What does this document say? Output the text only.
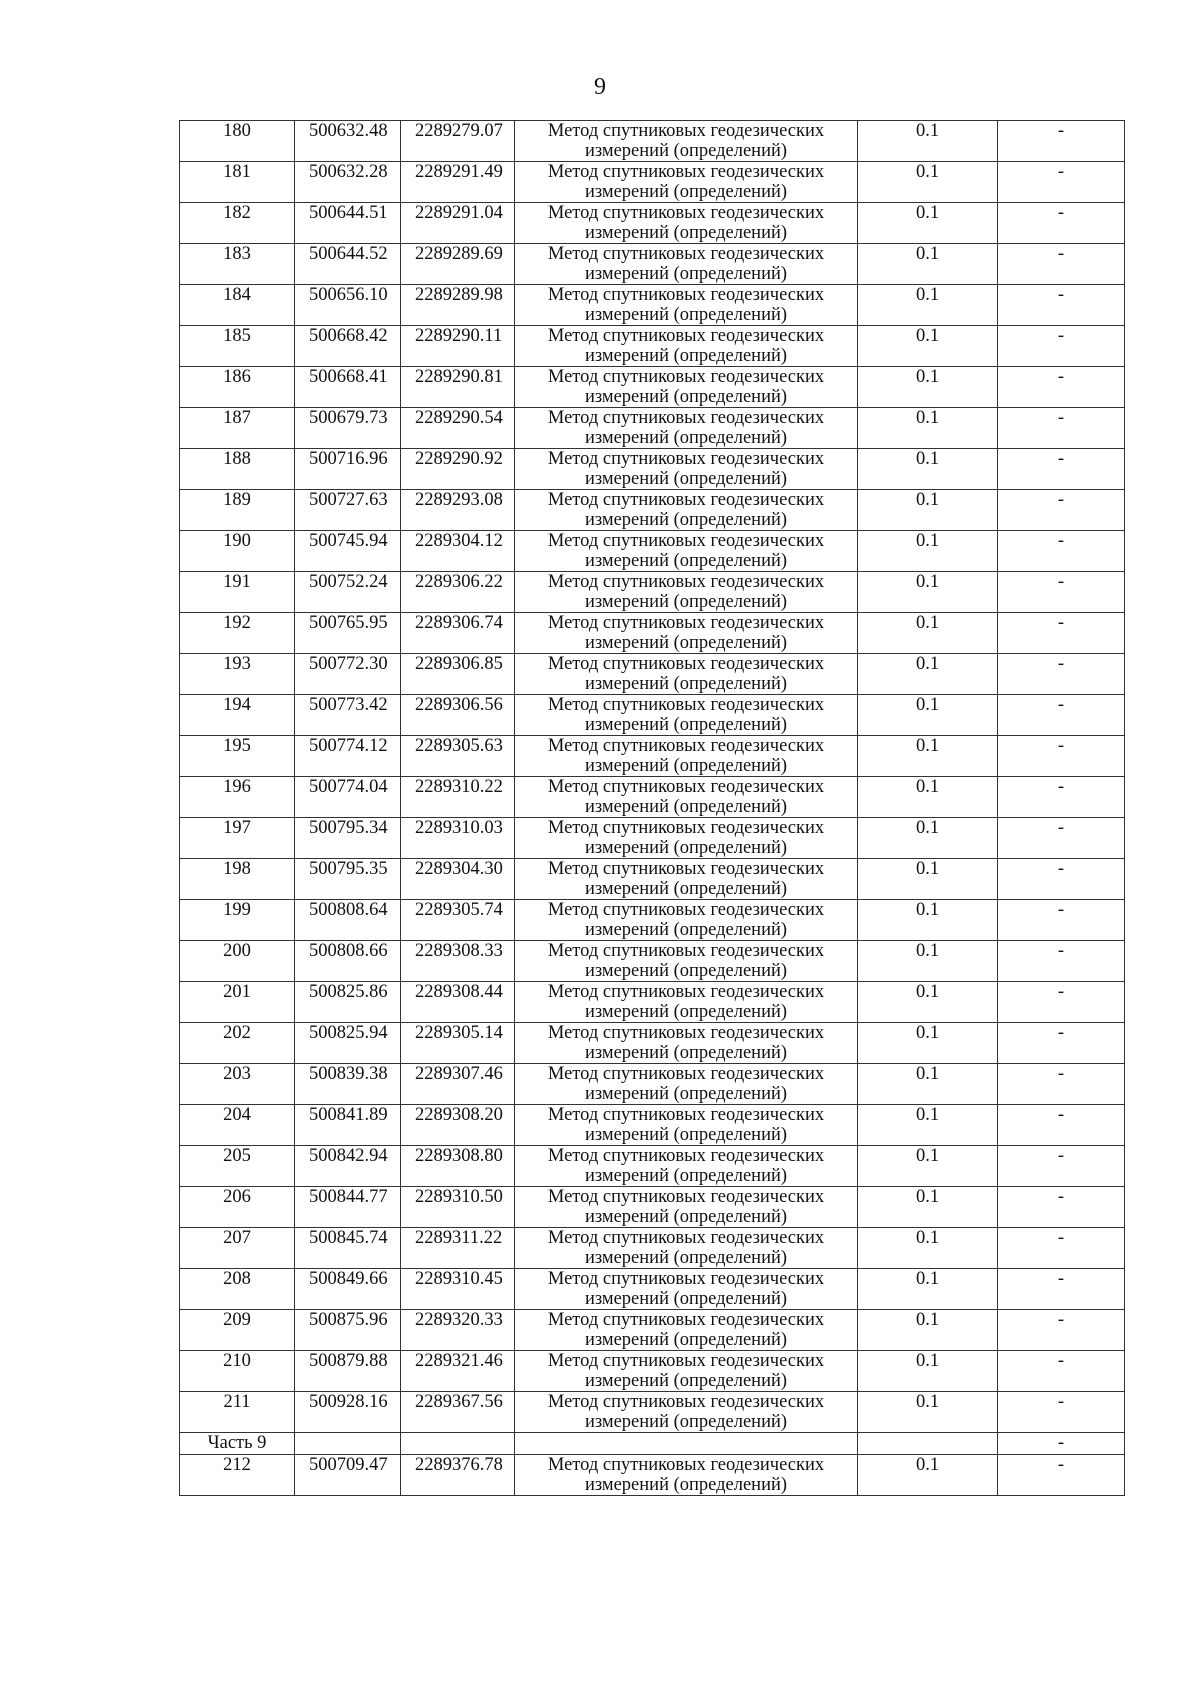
9
180	500632.48	2289279.07	Метод спутниковых геодезических измерений (определений)	0.1	-
181	500632.28	2289291.49	Метод спутниковых геодезических измерений (определений)	0.1	-
182	500644.51	2289291.04	Метод спутниковых геодезических измерений (определений)	0.1	-
183	500644.52	2289289.69	Метод спутниковых геодезических измерений (определений)	0.1	-
184	500656.10	2289289.98	Метод спутниковых геодезических измерений (определений)	0.1	-
185	500668.42	2289290.11	Метод спутниковых геодезических измерений (определений)	0.1	-
186	500668.41	2289290.81	Метод спутниковых геодезических измерений (определений)	0.1	-
187	500679.73	2289290.54	Метод спутниковых геодезических измерений (определений)	0.1	-
188	500716.96	2289290.92	Метод спутниковых геодезических измерений (определений)	0.1	-
189	500727.63	2289293.08	Метод спутниковых геодезических измерений (определений)	0.1	-
190	500745.94	2289304.12	Метод спутниковых геодезических измерений (определений)	0.1	-
191	500752.24	2289306.22	Метод спутниковых геодезических измерений (определений)	0.1	-
192	500765.95	2289306.74	Метод спутниковых геодезических измерений (определений)	0.1	-
193	500772.30	2289306.85	Метод спутниковых геодезических измерений (определений)	0.1	-
194	500773.42	2289306.56	Метод спутниковых геодезических измерений (определений)	0.1	-
195	500774.12	2289305.63	Метод спутниковых геодезических измерений (определений)	0.1	-
196	500774.04	2289310.22	Метод спутниковых геодезических измерений (определений)	0.1	-
197	500795.34	2289310.03	Метод спутниковых геодезических измерений (определений)	0.1	-
198	500795.35	2289304.30	Метод спутниковых геодезических измерений (определений)	0.1	-
199	500808.64	2289305.74	Метод спутниковых геодезических измерений (определений)	0.1	-
200	500808.66	2289308.33	Метод спутниковых геодезических измерений (определений)	0.1	-
201	500825.86	2289308.44	Метод спутниковых геодезических измерений (определений)	0.1	-
202	500825.94	2289305.14	Метод спутниковых геодезических измерений (определений)	0.1	-
203	500839.38	2289307.46	Метод спутниковых геодезических измерений (определений)	0.1	-
204	500841.89	2289308.20	Метод спутниковых геодезических измерений (определений)	0.1	-
205	500842.94	2289308.80	Метод спутниковых геодезических измерений (определений)	0.1	-
206	500844.77	2289310.50	Метод спутниковых геодезических измерений (определений)	0.1	-
207	500845.74	2289311.22	Метод спутниковых геодезических измерений (определений)	0.1	-
208	500849.66	2289310.45	Метод спутниковых геодезических измерений (определений)	0.1	-
209	500875.96	2289320.33	Метод спутниковых геодезических измерений (определений)	0.1	-
210	500879.88	2289321.46	Метод спутниковых геодезических измерений (определений)	0.1	-
211	500928.16	2289367.56	Метод спутниковых геодезических измерений (определений)	0.1	-
Часть 9					-
212	500709.47	2289376.78	Метод спутниковых геодезических измерений (определений)	0.1	-
